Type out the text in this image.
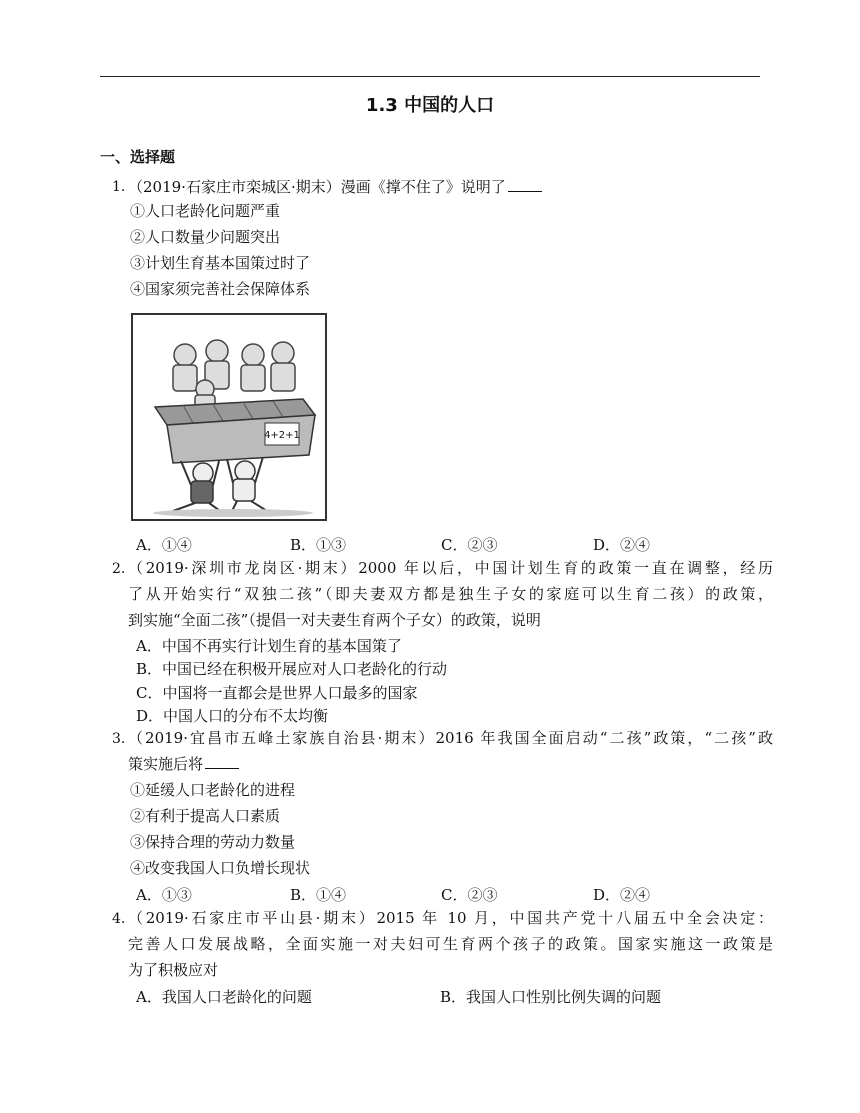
1.3 中国的人口
一、选择题
1. （2019·石家庄市栾城区·期末）漫画《撑不住了》说明了
①人口老龄化问题严重
②人口数量少问题突出
③计划生育基本国策过时了
④国家须完善社会保障体系
4+2+1
A．①④	B．①③	C．②③	D．②④
2. （2019·深圳市龙岗区·期末）2000 年以后，中国计划生育的政策一直在调整，经历
了从开始实行“双独二孩”（即夫妻双方都是独生子女的家庭可以生育二孩）的政策，
到实施“全面二孩”（提倡一对夫妻生育两个子女）的政策，说明
A．中国不再实行计划生育的基本国策了
B．中国已经在积极开展应对人口老龄化的行动
C．中国将一直都会是世界人口最多的国家
D．中国人口的分布不太均衡
3. （2019·宜昌市五峰土家族自治县·期末）2016 年我国全面启动“二孩”政策，“二孩”政
策实施后将
①延缓人口老龄化的进程
②有利于提高人口素质
③保持合理的劳动力数量
④改变我国人口负增长现状
A．①③	B．①④	C．②③	D．②④
4. （2019·石家庄市平山县·期末）2015 年 10 月，中国共产党十八届五中全会决定：
完善人口发展战略，全面实施一对夫妇可生育两个孩子的政策。国家实施这一政策是
为了积极应对
A．我国人口老龄化的问题	B．我国人口性别比例失调的问题
